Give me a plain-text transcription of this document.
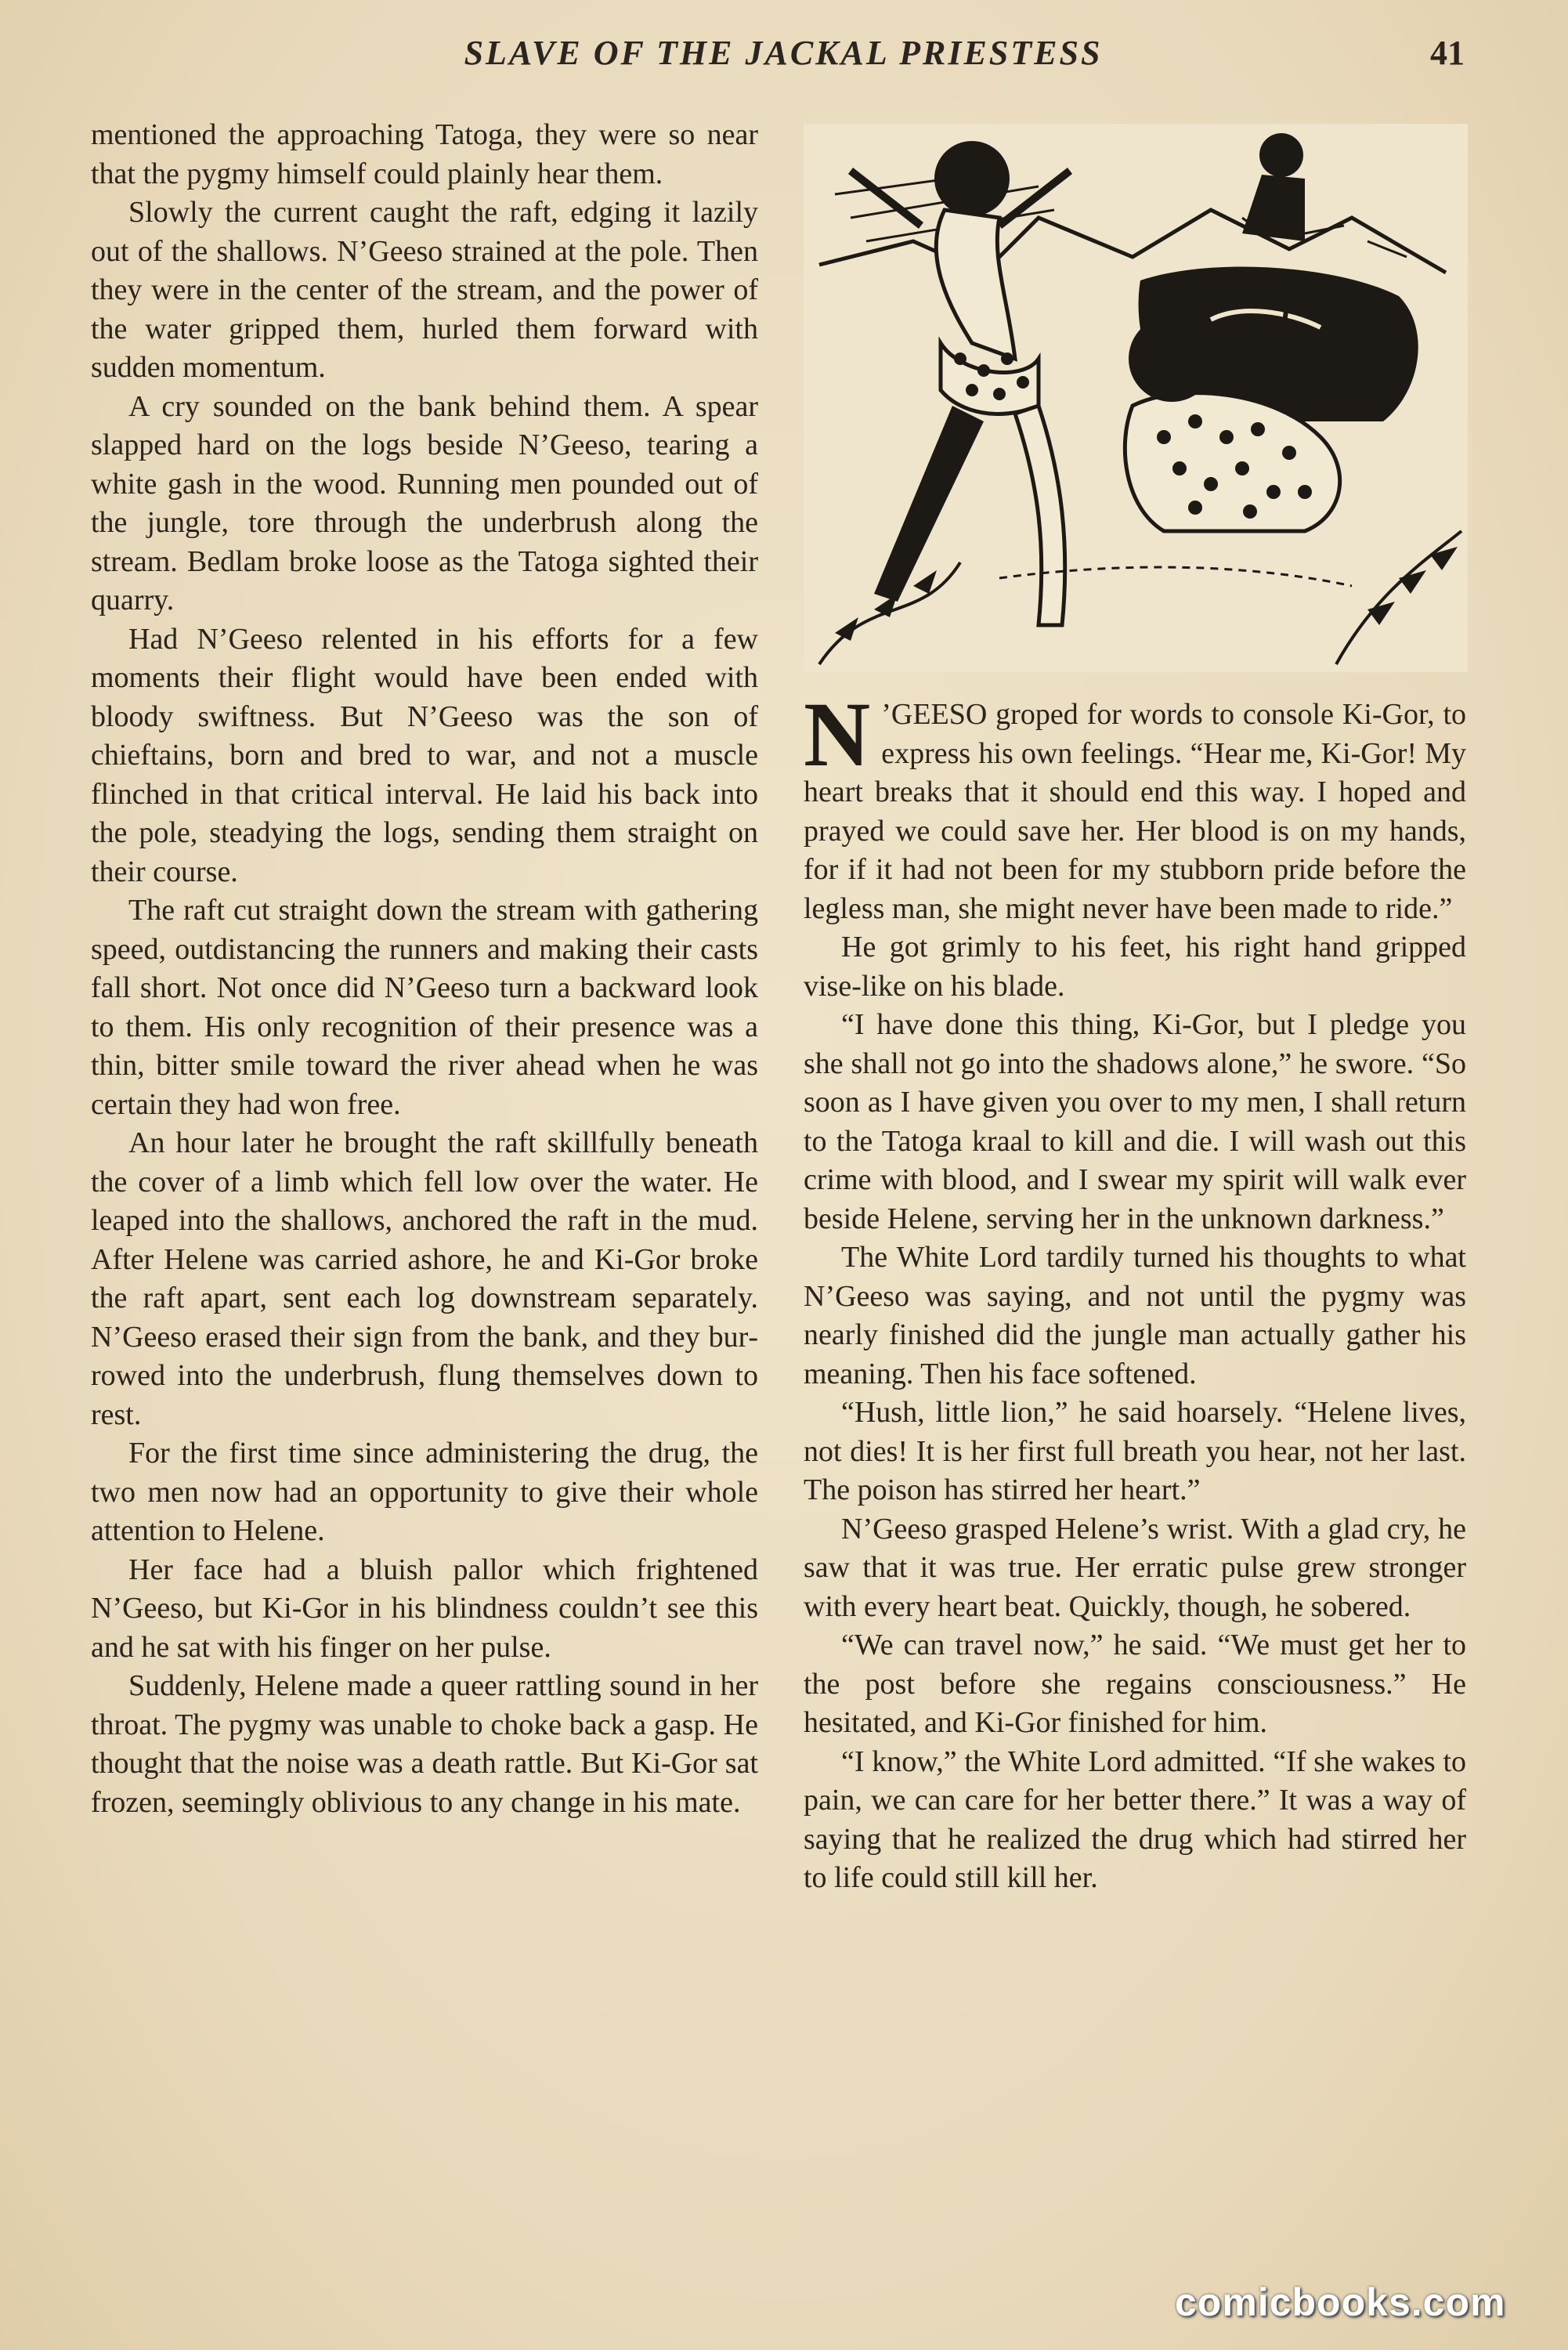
SLAVE OF THE JACKAL PRIESTESS	41

mentioned the approaching Tatoga, they were so near that the pygmy himself could plainly hear them.

Slowly the current caught the raft, edging it lazily out of the shallows. N’Geeso strained at the pole. Then they were in the center of the stream, and the power of the water gripped them, hurled them forward with sudden momentum.

A cry sounded on the bank behind them. A spear slapped hard on the logs beside N’Geeso, tearing a white gash in the wood. Running men pounded out of the jungle, tore through the underbrush along the stream. Bedlam broke loose as the Tatoga sighted their quarry.

Had N’Geeso relented in his efforts for a few moments their flight would have been ended with bloody swiftness. But N’Geeso was the son of chieftains, born and bred to war, and not a muscle flinched in that critical interval. He laid his back into the pole, steadying the logs, sending them straight on their course.

The raft cut straight down the stream with gathering speed, outdistancing the runners and making their casts fall short. Not once did N’Geeso turn a backward look to them. His only recognition of their presence was a thin, bitter smile toward the river ahead when he was certain they had won free.

An hour later he brought the raft skillfully beneath the cover of a limb which fell low over the water. He leaped into the shallows, anchored the raft in the mud. After Helene was carried ashore, he and Ki-Gor broke the raft apart, sent each log downstream separately. N’Geeso erased their sign from the bank, and they burrowed into the underbrush, flung themselves down to rest.

For the first time since administering the drug, the two men now had an opportunity to give their whole attention to Helene.

Her face had a bluish pallor which frightened N’Geeso, but Ki-Gor in his blindness couldn’t see this and he sat with his finger on her pulse.

Suddenly, Helene made a queer rattling sound in her throat. The pygmy was unable to choke back a gasp. He thought that the noise was a death rattle. But Ki-Gor sat frozen, seemingly oblivious to any change in his mate.

N ’GEESO groped for words to console Ki-Gor, to express his own feelings. “Hear me, Ki-Gor! My heart breaks that it should end this way. I hoped and prayed we could save her. Her blood is on my hands, for if it had not been for my stubborn pride before the legless man, she might never have been made to ride.”

He got grimly to his feet, his right hand gripped vise-like on his blade.

“I have done this thing, Ki-Gor, but I pledge you she shall not go into the shadows alone,” he swore. “So soon as I have given you over to my men, I shall return to the Tatoga kraal to kill and die. I will wash out this crime with blood, and I swear my spirit will walk ever beside Helene, serving her in the unknown darkness.”

The White Lord tardily turned his thoughts to what N’Geeso was saying, and not until the pygmy was nearly finished did the jungle man actually gather his meaning. Then his face softened.

“Hush, little lion,” he said hoarsely. “Helene lives, not dies! It is her first full breath you hear, not her last. The poison has stirred her heart.”

N’Geeso grasped Helene’s wrist. With a glad cry, he saw that it was true. Her erratic pulse grew stronger with every heart beat. Quickly, though, he sobered.

“We can travel now,” he said. “We must get her to the post before she regains consciousness.” He hesitated, and Ki-Gor finished for him.

“I know,” the White Lord admitted. “If she wakes to pain, we can care for her better there.” It was a way of saying that he realized the drug which had stirred her to life could still kill her.

comicbooks.com
